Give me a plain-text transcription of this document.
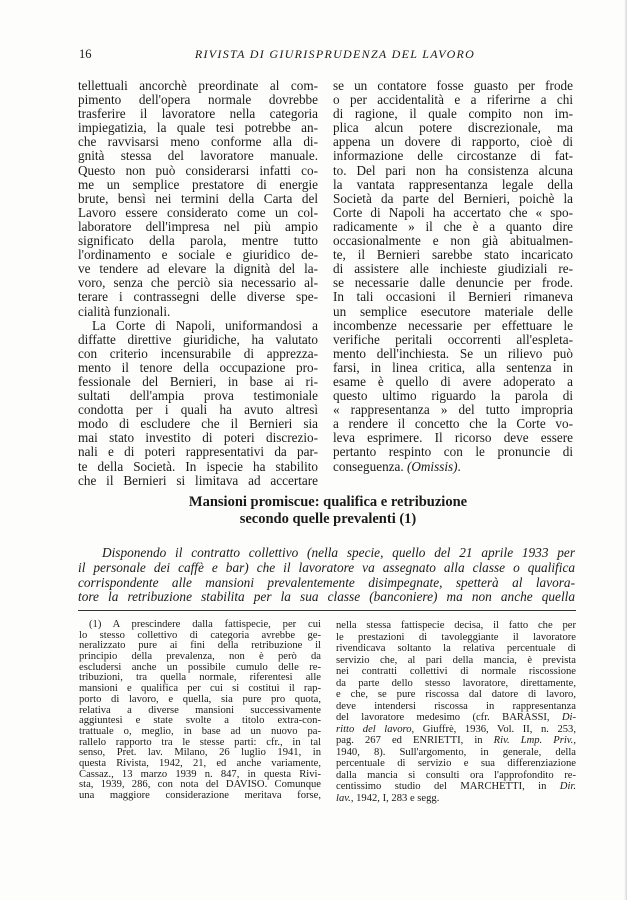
16	RIVISTA DI GIURISPRUDENZA DEL LAVORO
tellettuali ancorchè preordinate al com-
pimento dell'opera normale dovrebbe
trasferire il lavoratore nella categoria
impiegatizia, la quale tesi potrebbe an-
che ravvisarsi meno conforme alla di-
gnità stessa del lavoratore manuale.
Questo non può considerarsi infatti co-
me un semplice prestatore di energie
brute, bensì nei termini della Carta del
Lavoro essere considerato come un col-
laboratore dell'impresa nel più ampio
significato della parola, mentre tutto
l'ordinamento e sociale e giuridico de-
ve tendere ad elevare la dignità del la-
voro, senza che perciò sia necessario al-
terare i contrassegni delle diverse spe-
cialità funzionali.
La Corte di Napoli, uniformandosi a
diffatte direttive giuridiche, ha valutato
con criterio incensurabile di apprezza-
mento il tenore della occupazione pro-
fessionale del Bernieri, in base ai ri-
sultati dell'ampia prova testimoniale
condotta per i quali ha avuto altresì
modo di escludere che il Bernieri sia
mai stato investito di poteri discrezio-
nali e di poteri rappresentativi da par-
te della Società. In ispecie ha stabilito
che il Bernieri si limitava ad accertare
se un contatore fosse guasto per frode
o per accidentalità e a riferirne a chi
di ragione, il quale compito non im-
plica alcun potere discrezionale, ma
appena un dovere di rapporto, cioè di
informazione delle circostanze di fat-
to. Del pari non ha consistenza alcuna
la vantata rappresentanza legale della
Società da parte del Bernieri, poichè la
Corte di Napoli ha accertato che « spo-
radicamente » il che è a quanto dire
occasionalmente e non già abitualmen-
te, il Bernieri sarebbe stato incaricato
di assistere alle inchieste giudiziali re-
se necessarie dalle denuncie per frode.
In tali occasioni il Bernieri rimaneva
un semplice esecutore materiale delle
incombenze necessarie per effettuare le
verifiche peritali occorrenti all'espleta-
mento dell'inchiesta. Se un rilievo può
farsi, in linea critica, alla sentenza in
esame è quello di avere adoperato a
questo ultimo riguardo la parola di
« rappresentanza » del tutto impropria
a rendere il concetto che la Corte vo-
leva esprimere. Il ricorso deve essere
pertanto respinto con le pronuncie di
conseguenza. (Omissis).
Mansioni promiscue: qualifica e retribuzione
secondo quelle prevalenti (1)
Disponendo il contratto collettivo (nella specie, quello del 21 aprile 1933 per
il personale dei caffè e bar) che il lavoratore va assegnato alla classe o qualifica
corrispondente alle mansioni prevalentemente disimpegnate, spetterà al lavora-
tore la retribuzione stabilita per la sua classe (banconiere) ma non anche quella
(1) A prescindere dalla fattispecie, per cui
lo stesso collettivo di categoria avrebbe ge-
neralizzato pure ai fini della retribuzione il
principio della prevalenza, non è però da
escludersi anche un possibile cumulo delle re-
tribuzioni, tra quella normale, riferentesi alle
mansioni e qualifica per cui si costituì il rap-
porto di lavoro, e quella, sia pure pro quota,
relativa a diverse mansioni successivamente
aggiuntesi e state svolte a titolo extra-con-
trattuale o, meglio, in base ad un nuovo pa-
rallelo rapporto tra le stesse parti: cfr., in tal
senso, Pret. lav. Milano, 26 luglio 1941, in
questa Rivista, 1942, 21, ed anche variamente,
Cassaz., 13 marzo 1939 n. 847, in questa Rivi-
sta, 1939, 286, con nota del DAVISO. Comunque
una maggiore considerazione meritava forse,
nella stessa fattispecie decisa, il fatto che per
le prestazioni di tavoleggiante il lavoratore
rivendicava soltanto la relativa percentuale di
servizio che, al pari della mancia, è prevista
nei contratti collettivi di normale riscossione
da parte dello stesso lavoratore, direttamente,
e che, se pure riscossa dal datore di lavoro,
deve intendersi riscossa in rappresentanza
del lavoratore medesimo (cfr. BARASSI, Di-
ritto del lavoro, Giuffrè, 1936, Vol. II, n. 253,
pag. 267 ed ENRIETTI, in Riv. Lmp. Priv.,
1940, 8). Sull'argomento, in generale, della
percentuale di servizio e sua differenziazione
dalla mancia si consulti ora l'approfondito re-
centissimo studio del MARCHETTI, in Dir.
lav., 1942, I, 283 e segg.
